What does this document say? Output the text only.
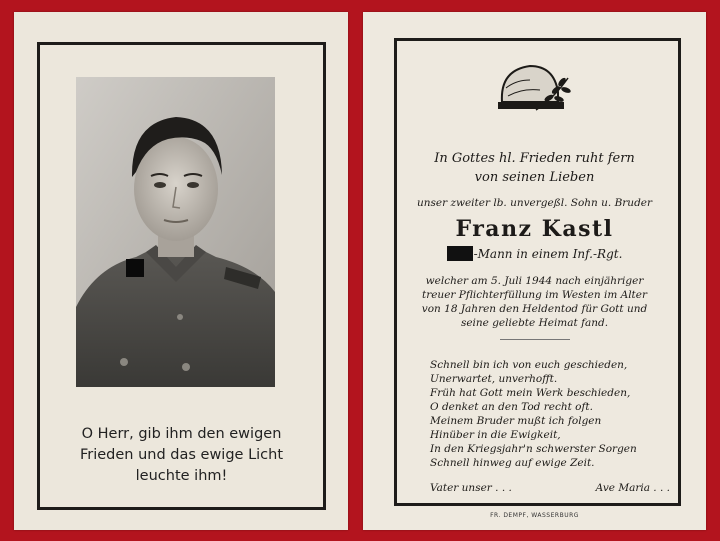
O Herr, gib ihm den ewigen
Frieden und das ewige Licht
leuchte ihm!
In Gottes hl. Frieden ruht fern
von seinen Lieben
unser zweiter lb. unvergeßl. Sohn u. Bruder
Franz Kastl
-Mann in einem Inf.-Rgt.
welcher am 5. Juli 1944 nach einjähriger
treuer Pflichterfüllung im Westen im Alter
von 18 Jahren den Heldentod für Gott und
seine geliebte Heimat fand.
Schnell bin ich von euch geschieden,
Unerwartet, unverhofft.
Früh hat Gott mein Werk beschieden,
O denket an den Tod recht oft.
Meinem Bruder mußt ich folgen
Hinüber in die Ewigkeit,
In den Kriegsjahr'n schwerster Sorgen
Schnell hinweg auf ewige Zeit.
Vater unser . . .	Ave Maria . . .
FR. DEMPF, WASSERBURG
